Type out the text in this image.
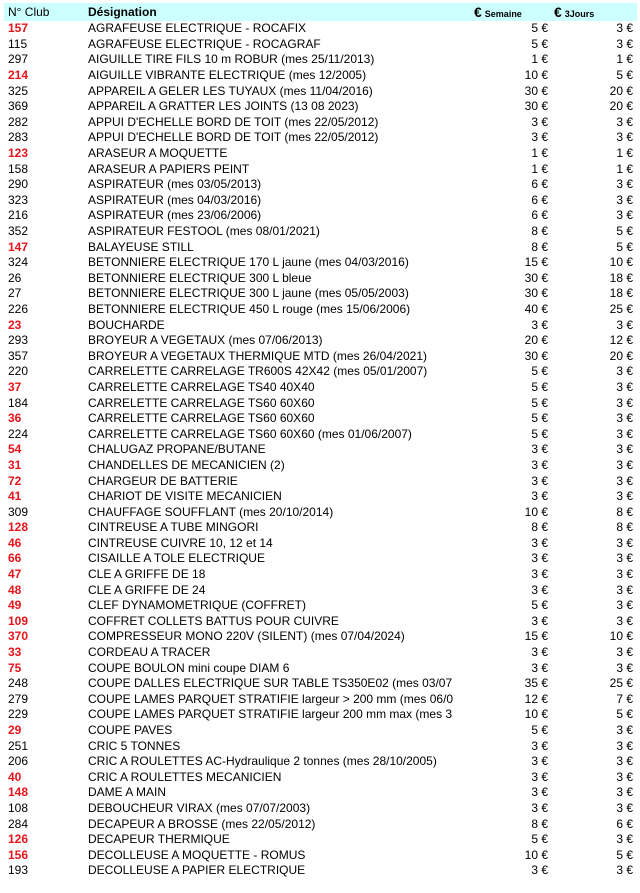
N° Club	Désignation	€ Semaine	€ 3Jours
157	AGRAFEUSE ELECTRIQUE - ROCAFIX	5 €	3 €
115	AGRAFEUSE ELECTRIQUE - ROCAGRAF	5 €	3 €
297	AIGUILLE TIRE FILS 10 m ROBUR (mes 25/11/2013)	1 €	1 €
214	AIGUILLE VIBRANTE ELECTRIQUE (mes 12/2005)	10 €	5 €
325	APPAREIL A GELER LES TUYAUX (mes 11/04/2016)	30 €	20 €
369	APPAREIL A GRATTER LES JOINTS (13 08 2023)	30 €	20 €
282	APPUI D'ECHELLE BORD DE TOIT (mes 22/05/2012)	3 €	3 €
283	APPUI D'ECHELLE BORD DE TOIT (mes 22/05/2012)	3 €	3 €
123	ARASEUR A MOQUETTE	1 €	1 €
158	ARASEUR A PAPIERS PEINT	1 €	1 €
290	ASPIRATEUR (mes 03/05/2013)	6 €	3 €
323	ASPIRATEUR (mes 04/03/2016)	6 €	3 €
216	ASPIRATEUR (mes 23/06/2006)	6 €	3 €
352	ASPIRATEUR FESTOOL (mes 08/01/2021)	8 €	5 €
147	BALAYEUSE STILL	8 €	5 €
324	BETONNIERE ELECTRIQUE 170 L jaune (mes 04/03/2016)	15 €	10 €
26	BETONNIERE ELECTRIQUE 300 L bleue	30 €	18 €
27	BETONNIERE ELECTRIQUE 300 L jaune (mes 05/05/2003)	30 €	18 €
226	BETONNIERE ELECTRIQUE 450 L rouge (mes 15/06/2006)	40 €	25 €
23	BOUCHARDE	3 €	3 €
293	BROYEUR A VEGETAUX (mes 07/06/2013)	20 €	12 €
357	BROYEUR A VEGETAUX THERMIQUE MTD (mes 26/04/2021)	30 €	20 €
220	CARRELETTE CARRELAGE TR600S 42X42 (mes 05/01/2007)	5 €	3 €
37	CARRELETTE CARRELAGE TS40 40X40	5 €	3 €
184	CARRELETTE CARRELAGE TS60 60X60	5 €	3 €
36	CARRELETTE CARRELAGE TS60 60X60	5 €	3 €
224	CARRELETTE CARRELAGE TS60 60X60 (mes 01/06/2007)	5 €	3 €
54	CHALUGAZ PROPANE/BUTANE	3 €	3 €
31	CHANDELLES DE MECANICIEN (2)	3 €	3 €
72	CHARGEUR DE BATTERIE	3 €	3 €
41	CHARIOT DE VISITE MECANICIEN	3 €	3 €
309	CHAUFFAGE SOUFFLANT (mes 20/10/2014)	10 €	8 €
128	CINTREUSE A TUBE MINGORI	8 €	8 €
46	CINTREUSE CUIVRE 10, 12 et 14	3 €	3 €
66	CISAILLE A TOLE ELECTRIQUE	3 €	3 €
47	CLE A GRIFFE DE 18	3 €	3 €
48	CLE A GRIFFE DE 24	3 €	3 €
49	CLEF DYNAMOMETRIQUE (COFFRET)	5 €	3 €
109	COFFRET COLLETS BATTUS POUR CUIVRE	3 €	3 €
370	COMPRESSEUR MONO 220V (SILENT) (mes 07/04/2024)	15 €	10 €
33	CORDEAU A TRACER	3 €	3 €
75	COUPE BOULON mini coupe DIAM 6	3 €	3 €
248	COUPE DALLES ELECTRIQUE SUR TABLE TS350E02 (mes 03/07	35 €	25 €
279	COUPE LAMES PARQUET STRATIFIE largeur > 200 mm (mes 06/0	12 €	7 €
229	COUPE LAMES PARQUET STRATIFIE largeur 200 mm max (mes 3	10 €	5 €
29	COUPE PAVES	5 €	3 €
251	CRIC 5 TONNES	3 €	3 €
206	CRIC A ROULETTES AC-Hydraulique 2 tonnes (mes 28/10/2005)	3 €	3 €
40	CRIC A ROULETTES MECANICIEN	3 €	3 €
148	DAME A MAIN	3 €	3 €
108	DEBOUCHEUR VIRAX (mes 07/07/2003)	3 €	3 €
284	DECAPEUR A BROSSE (mes 22/05/2012)	8 €	6 €
126	DECAPEUR THERMIQUE	5 €	3 €
156	DECOLLEUSE A MOQUETTE - ROMUS	10 €	5 €
193	DECOLLEUSE A PAPIER ELECTRIQUE	3 €	3 €
